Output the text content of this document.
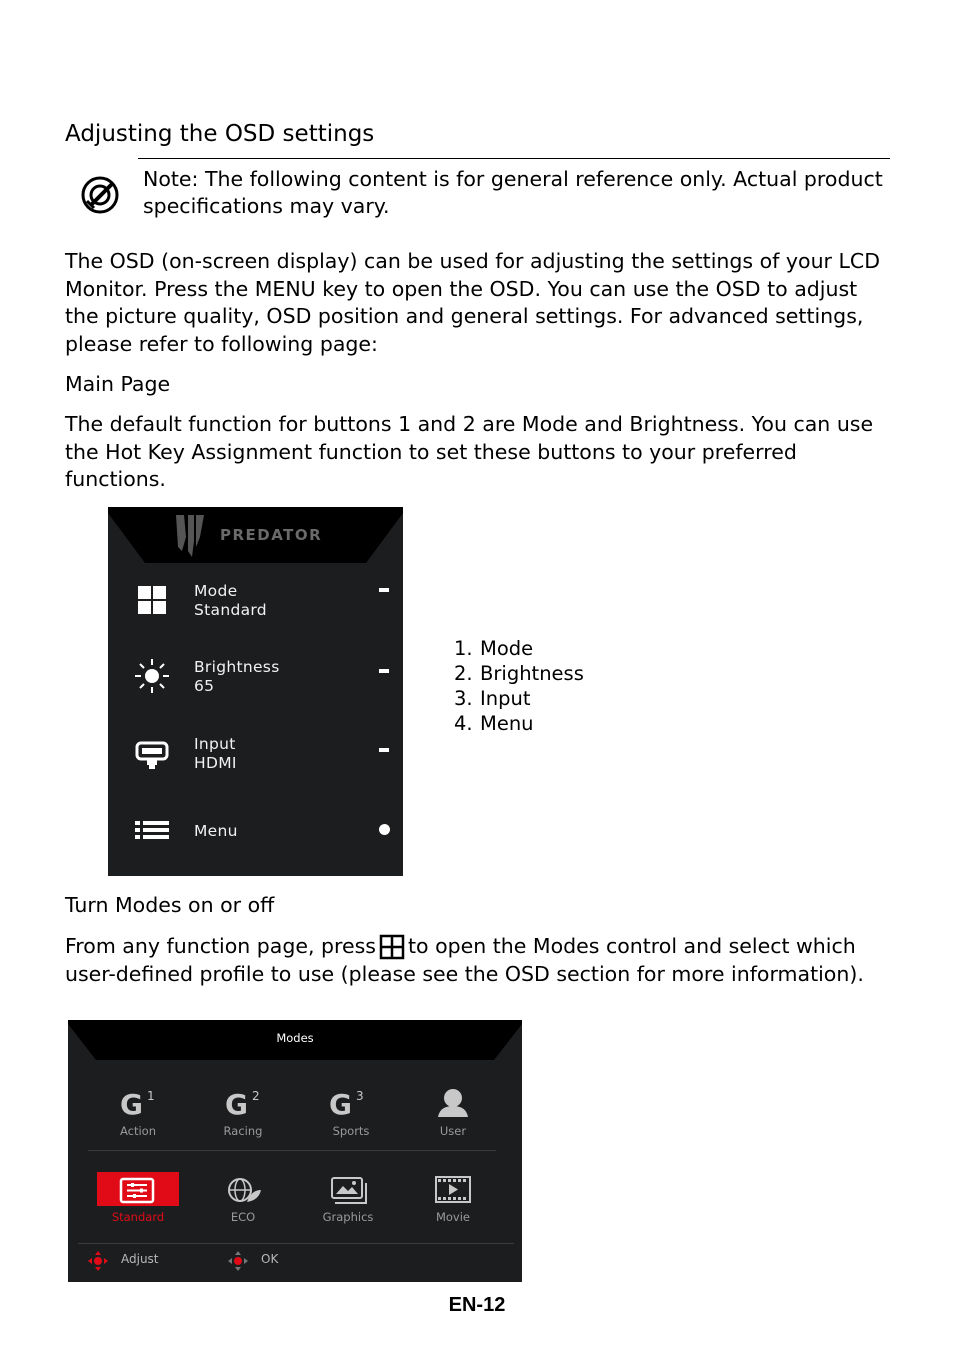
Adjusting the OSD settings
Note: The following content is for general reference only. Actual product specifications may vary.
The OSD (on-screen display) can be used for adjusting the settings of your LCD Monitor. Press the MENU key to open the OSD. You can use the OSD to adjust the picture quality, OSD position and general settings. For advanced settings, please refer to following page:
Main Page
The default function for buttons 1 and 2 are Mode and Brightness. You can use the Hot Key Assignment function to set these buttons to your preferred functions.
PREDATOR
Mode
Standard
Brightness
65
Input
HDMI
Menu
1. Mode
2. Brightness
3. Input
4. Menu
Turn Modes on or off
From any function page, press to open the Modes control and select which user-defined profile to use (please see the OSD section for more information).
Modes
G 1
Action
G 2
Racing
G 3
Sports	User
Standard	ECO	Graphics	Movie
Adjust	OK
EN-12
